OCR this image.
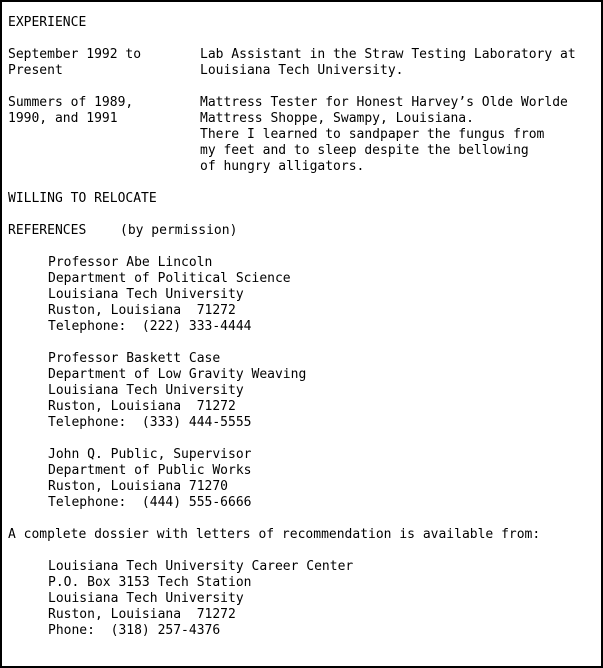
EXPERIENCE
September 1992 to
Present
Lab Assistant in the Straw Testing Laboratory at
Louisiana Tech University.
Summers of 1989,
1990, and 1991
Mattress Tester for Honest Harvey’s Olde Worlde
Mattress Shoppe, Swampy, Louisiana.
There I learned to sandpaper the fungus from
my feet and to sleep despite the bellowing
of hungry alligators.
WILLING TO RELOCATE
REFERENCES	(by permission)
Professor Abe Lincoln
Department of Political Science
Louisiana Tech University
Ruston, Louisiana  71272
Telephone:  (222) 333-4444
Professor Baskett Case
Department of Low Gravity Weaving
Louisiana Tech University
Ruston, Louisiana  71272
Telephone:  (333) 444-5555
John Q. Public, Supervisor
Department of Public Works
Ruston, Louisiana 71270
Telephone:  (444) 555-6666
A complete dossier with letters of recommendation is available from:
Louisiana Tech University Career Center
P.O. Box 3153 Tech Station
Louisiana Tech University
Ruston, Louisiana  71272
Phone:  (318) 257-4376
